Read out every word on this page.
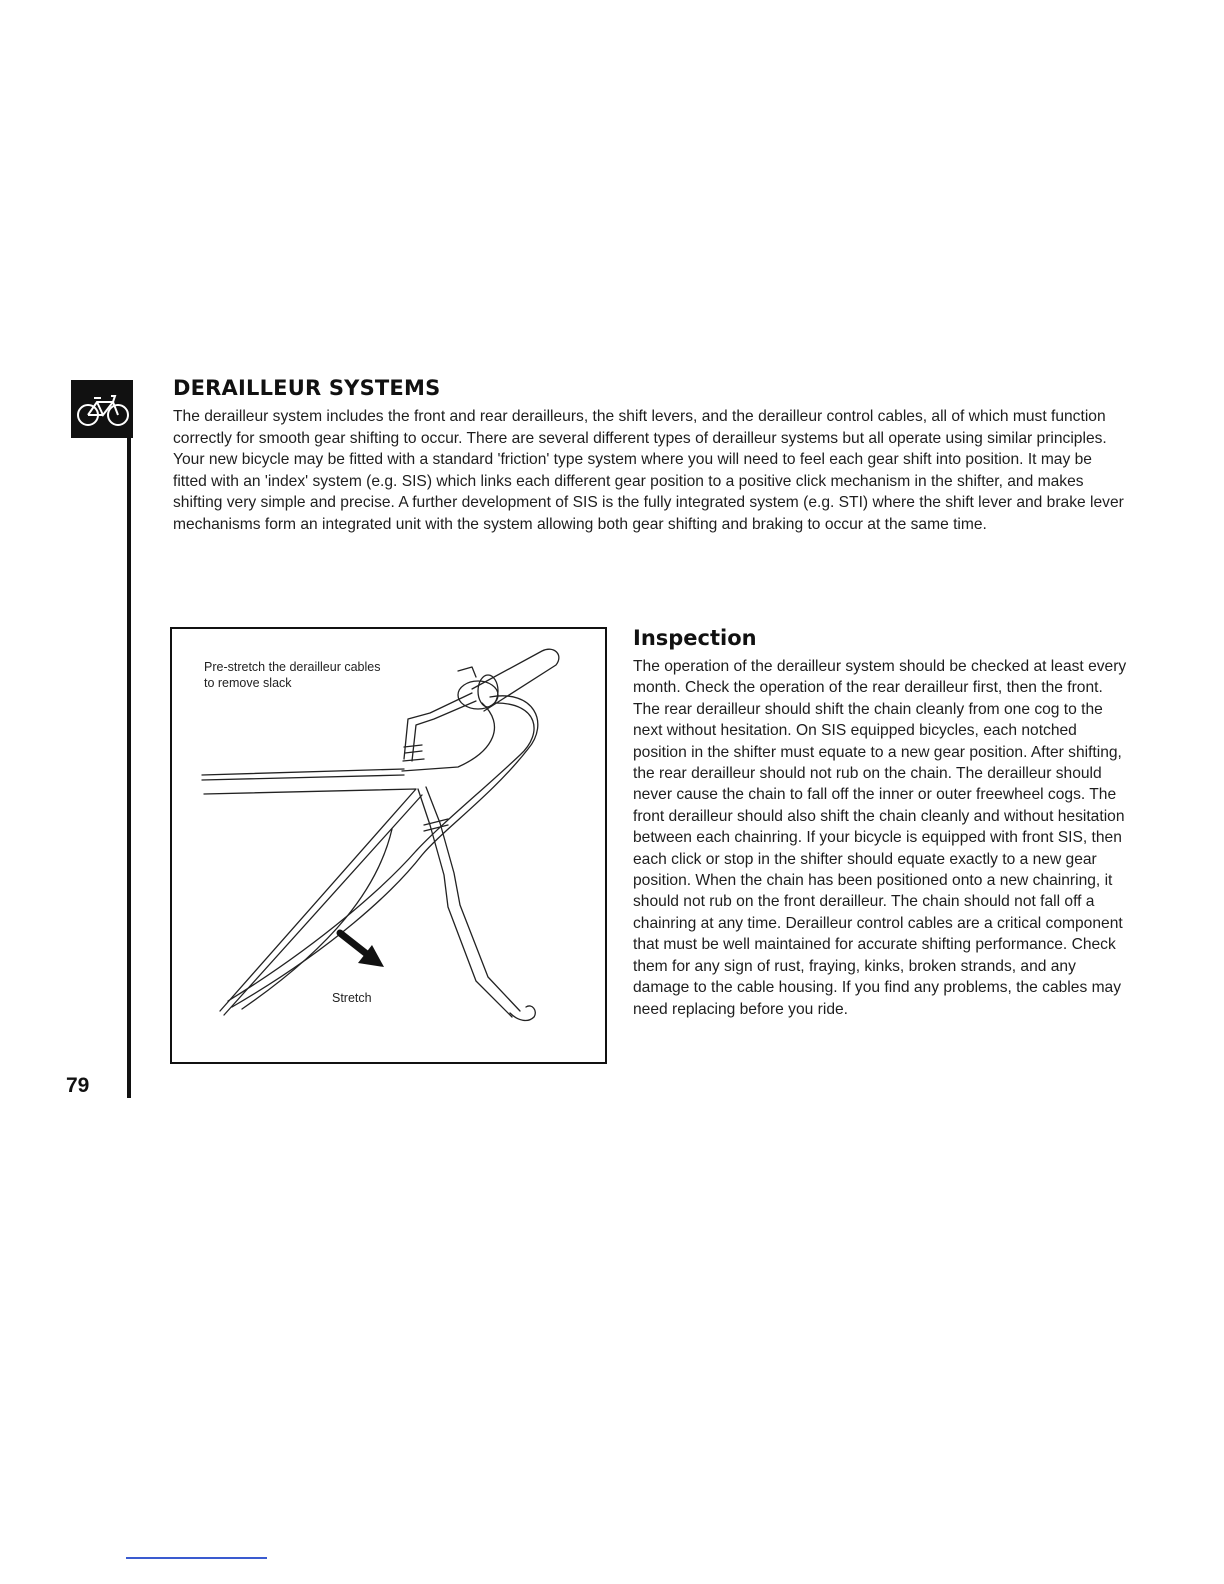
DERAILLEUR SYSTEMS

The derailleur system includes the front and rear derailleurs, the shift levers, and the derailleur control cables, all of which must function correctly for smooth gear shifting to occur. There are several different types of derailleur systems but all operate using similar principles. Your new bicycle may be fitted with a standard 'friction' type system where you will need to feel each gear shift into position. It may be fitted with an 'index' system (e.g. SIS) which links each different gear position to a positive click mechanism in the shifter, and makes shifting very simple and precise. A further development of SIS is the fully integrated system (e.g. STI) where the shift lever and brake lever mechanisms form an integrated unit with the system allowing both gear shifting and braking to occur at the same time.

Pre-stretch the derailleur cables to remove slack
Stretch
Inspection

The operation of the derailleur system should be checked at least every month. Check the operation of the rear derailleur first, then the front. The rear derailleur should shift the chain cleanly from one cog to the next without hesitation. On SIS equipped bicycles, each notched position in the shifter must equate to a new gear position. After shifting, the rear derailleur should not rub on the chain. The derailleur should never cause the chain to fall off the inner or outer freewheel cogs. The front derailleur should also shift the chain cleanly and without hesitation between each chainring. If your bicycle is equipped with front SIS, then each click or stop in the shifter should equate exactly to a new gear position. When the chain has been positioned onto a new chainring, it should not rub on the front derailleur. The chain should not fall off a chainring at any time. Derailleur control cables are a critical component that must be well maintained for accurate shifting performance. Check them for any sign of rust, fraying, kinks, broken strands, and any damage to the cable housing. If you find any problems, the cables may need replacing before you ride.

79
